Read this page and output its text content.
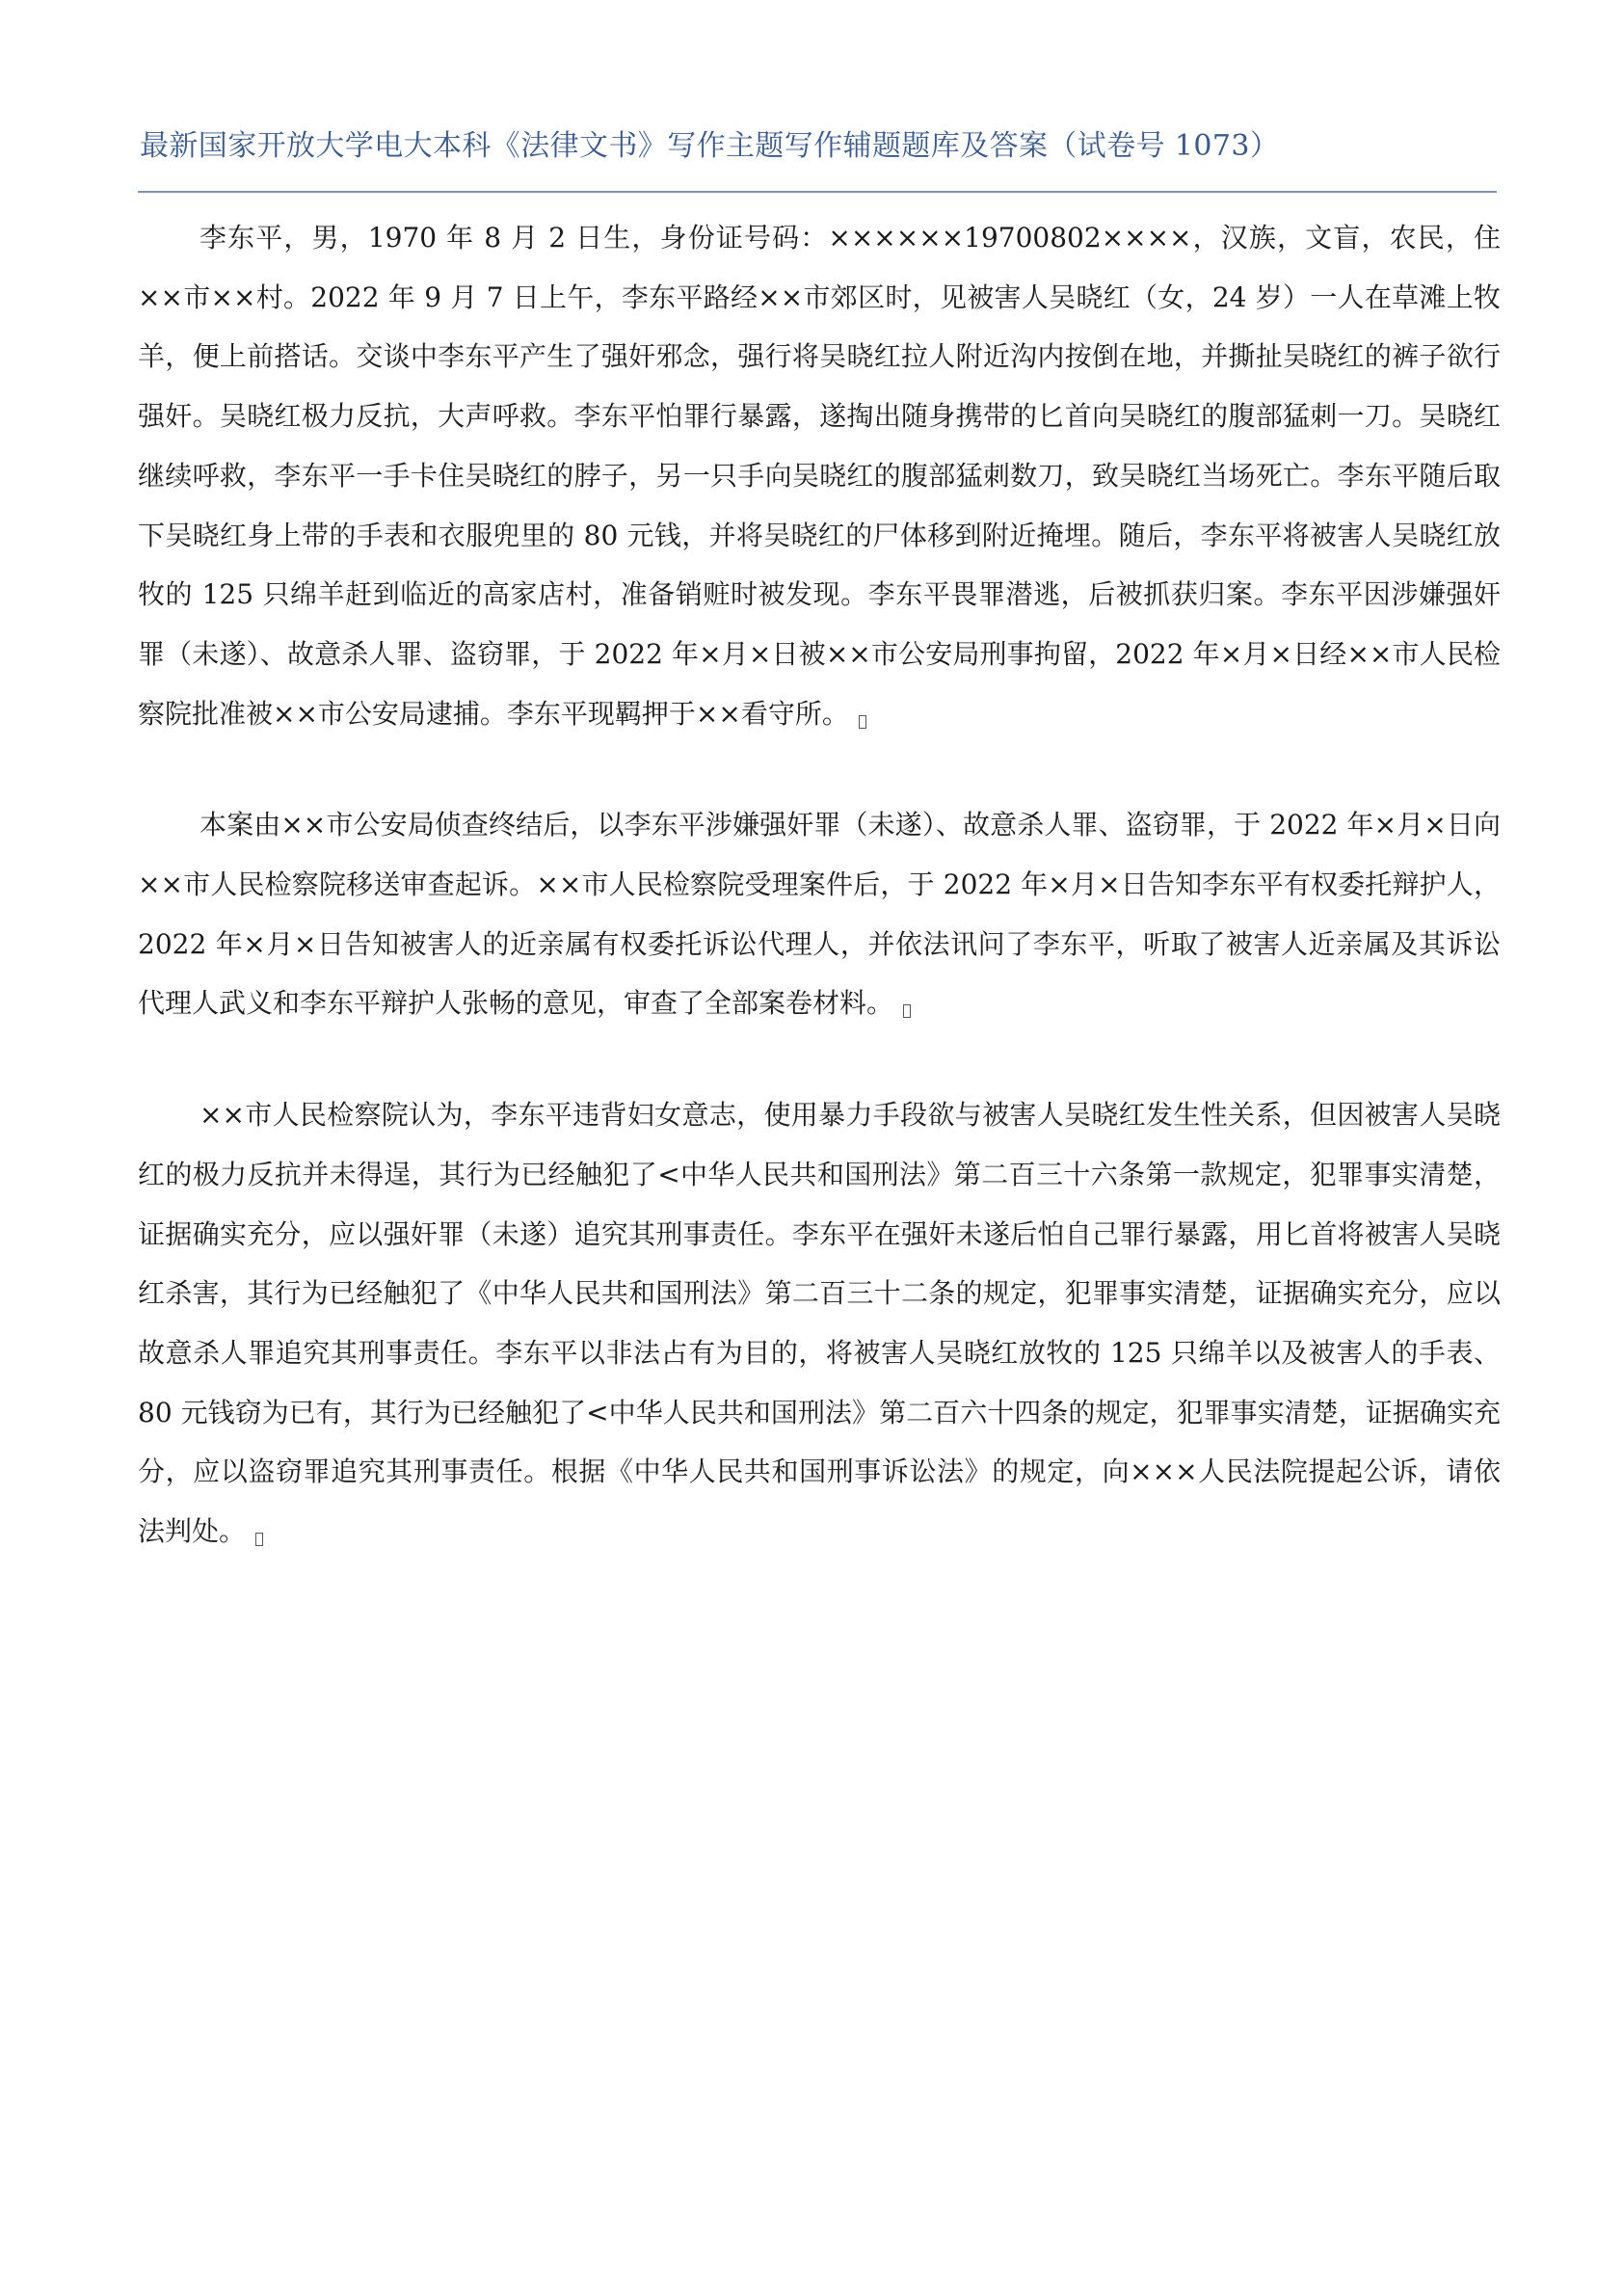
最新国家开放大学电大本科《法律文书》写作主题写作辅题题库及答案（试卷号 1073）

李东平，男，1970 年 8 月 2 日生，身份证号码：××××××19700802××××，汉族，文盲，农民，住××市××村。2022 年 9 月 7 日上午，李东平路经××市郊区时，见被害人吴晓红（女，24 岁）一人在草滩上牧羊，便上前搭话。交谈中李东平产生了强奸邪念，强行将吴晓红拉人附近沟内按倒在地，并撕扯吴晓红的裤子欲行强奸。吴晓红极力反抗，大声呼救。李东平怕罪行暴露，遂掏出随身携带的匕首向吴晓红的腹部猛刺一刀。吴晓红继续呼救，李东平一手卡住吴晓红的脖子，另一只手向吴晓红的腹部猛刺数刀，致吴晓红当场死亡。李东平随后取下吴晓红身上带的手表和衣服兜里的 80 元钱，并将吴晓红的尸体移到附近掩埋。随后，李东平将被害人吴晓红放牧的 125 只绵羊赶到临近的高家店村，准备销赃时被发现。李东平畏罪潜逃，后被抓获归案。李东平因涉嫌强奸罪（未遂）、故意杀人罪、盗窃罪，于 2022 年×月×日被××市公安局刑事拘留，2022 年×月×日经××市人民检察院批准被××市公安局逮捕。李东平现羁押于××看守所。

本案由××市公安局侦查终结后，以李东平涉嫌强奸罪（未遂）、故意杀人罪、盗窃罪，于 2022 年×月×日向××市人民检察院移送审查起诉。××市人民检察院受理案件后，于 2022 年×月×日告知李东平有权委托辩护人，2022 年×月×日告知被害人的近亲属有权委托诉讼代理人，并依法讯问了李东平，听取了被害人近亲属及其诉讼代理人武义和李东平辩护人张畅的意见，审查了全部案卷材料。

××市人民检察院认为，李东平违背妇女意志，使用暴力手段欲与被害人吴晓红发生性关系，但因被害人吴晓红的极力反抗并未得逞，其行为已经触犯了<中华人民共和国刑法》第二百三十六条第一款规定，犯罪事实清楚，证据确实充分，应以强奸罪（未遂）追究其刑事责任。李东平在强奸未遂后怕自己罪行暴露，用匕首将被害人吴晓红杀害，其行为已经触犯了《中华人民共和国刑法》第二百三十二条的规定，犯罪事实清楚，证据确实充分，应以故意杀人罪追究其刑事责任。李东平以非法占有为目的，将被害人吴晓红放牧的 125 只绵羊以及被害人的手表、80 元钱窃为已有，其行为已经触犯了<中华人民共和国刑法》第二百六十四条的规定，犯罪事实清楚，证据确实充分，应以盗窃罪追究其刑事责任。根据《中华人民共和国刑事诉讼法》的规定，向×××人民法院提起公诉，请依法判处。
